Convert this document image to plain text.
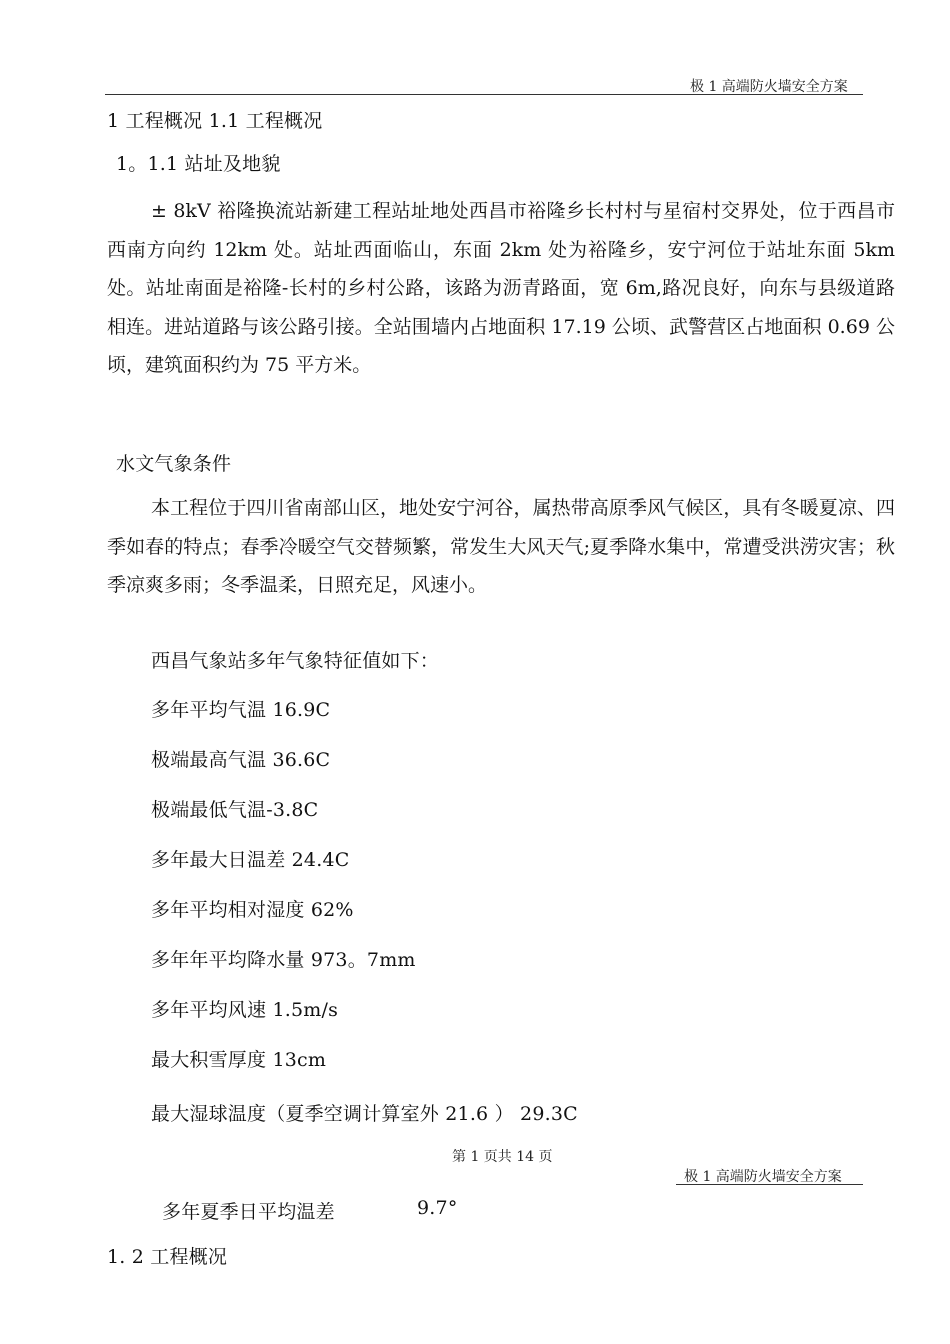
极 1 高端防火墙安全方案
1 工程概况 1.1 工程概况
1。1.1 站址及地貌
± 8kV 裕隆换流站新建工程站址地处西昌市裕隆乡长村村与星宿村交界处，位于西昌市西南方向约 12km 处。站址西面临山，东面 2km 处为裕隆乡，安宁河位于站址东面 5km 处。站址南面是裕隆-长村的乡村公路，该路为沥青路面，宽 6m,路况良好，向东与县级道路相连。进站道路与该公路引接。全站围墙内占地面积 17.19 公顷、武警营区占地面积 0.69 公顷，建筑面积约为 75 平方米。
水文气象条件
本工程位于四川省南部山区，地处安宁河谷，属热带高原季风气候区，具有冬暖夏凉、四季如春的特点；春季冷暖空气交替频繁，常发生大风天气;夏季降水集中，常遭受洪涝灾害；秋季凉爽多雨；冬季温柔，日照充足，风速小。
西昌气象站多年气象特征值如下：
多年平均气温 16.9C
极端最高气温 36.6C
极端最低气温-3.8C
多年最大日温差 24.4C
多年平均相对湿度 62%
多年年平均降水量 973。7mm
多年平均风速 1.5m/s
最大积雪厚度 13cm
最大湿球温度（夏季空调计算室外 21.6 ） 29.3C
第 1 页共 14 页
极 1 高端防火墙安全方案
多年夏季日平均温差	9.7°
1. 2 工程概况
